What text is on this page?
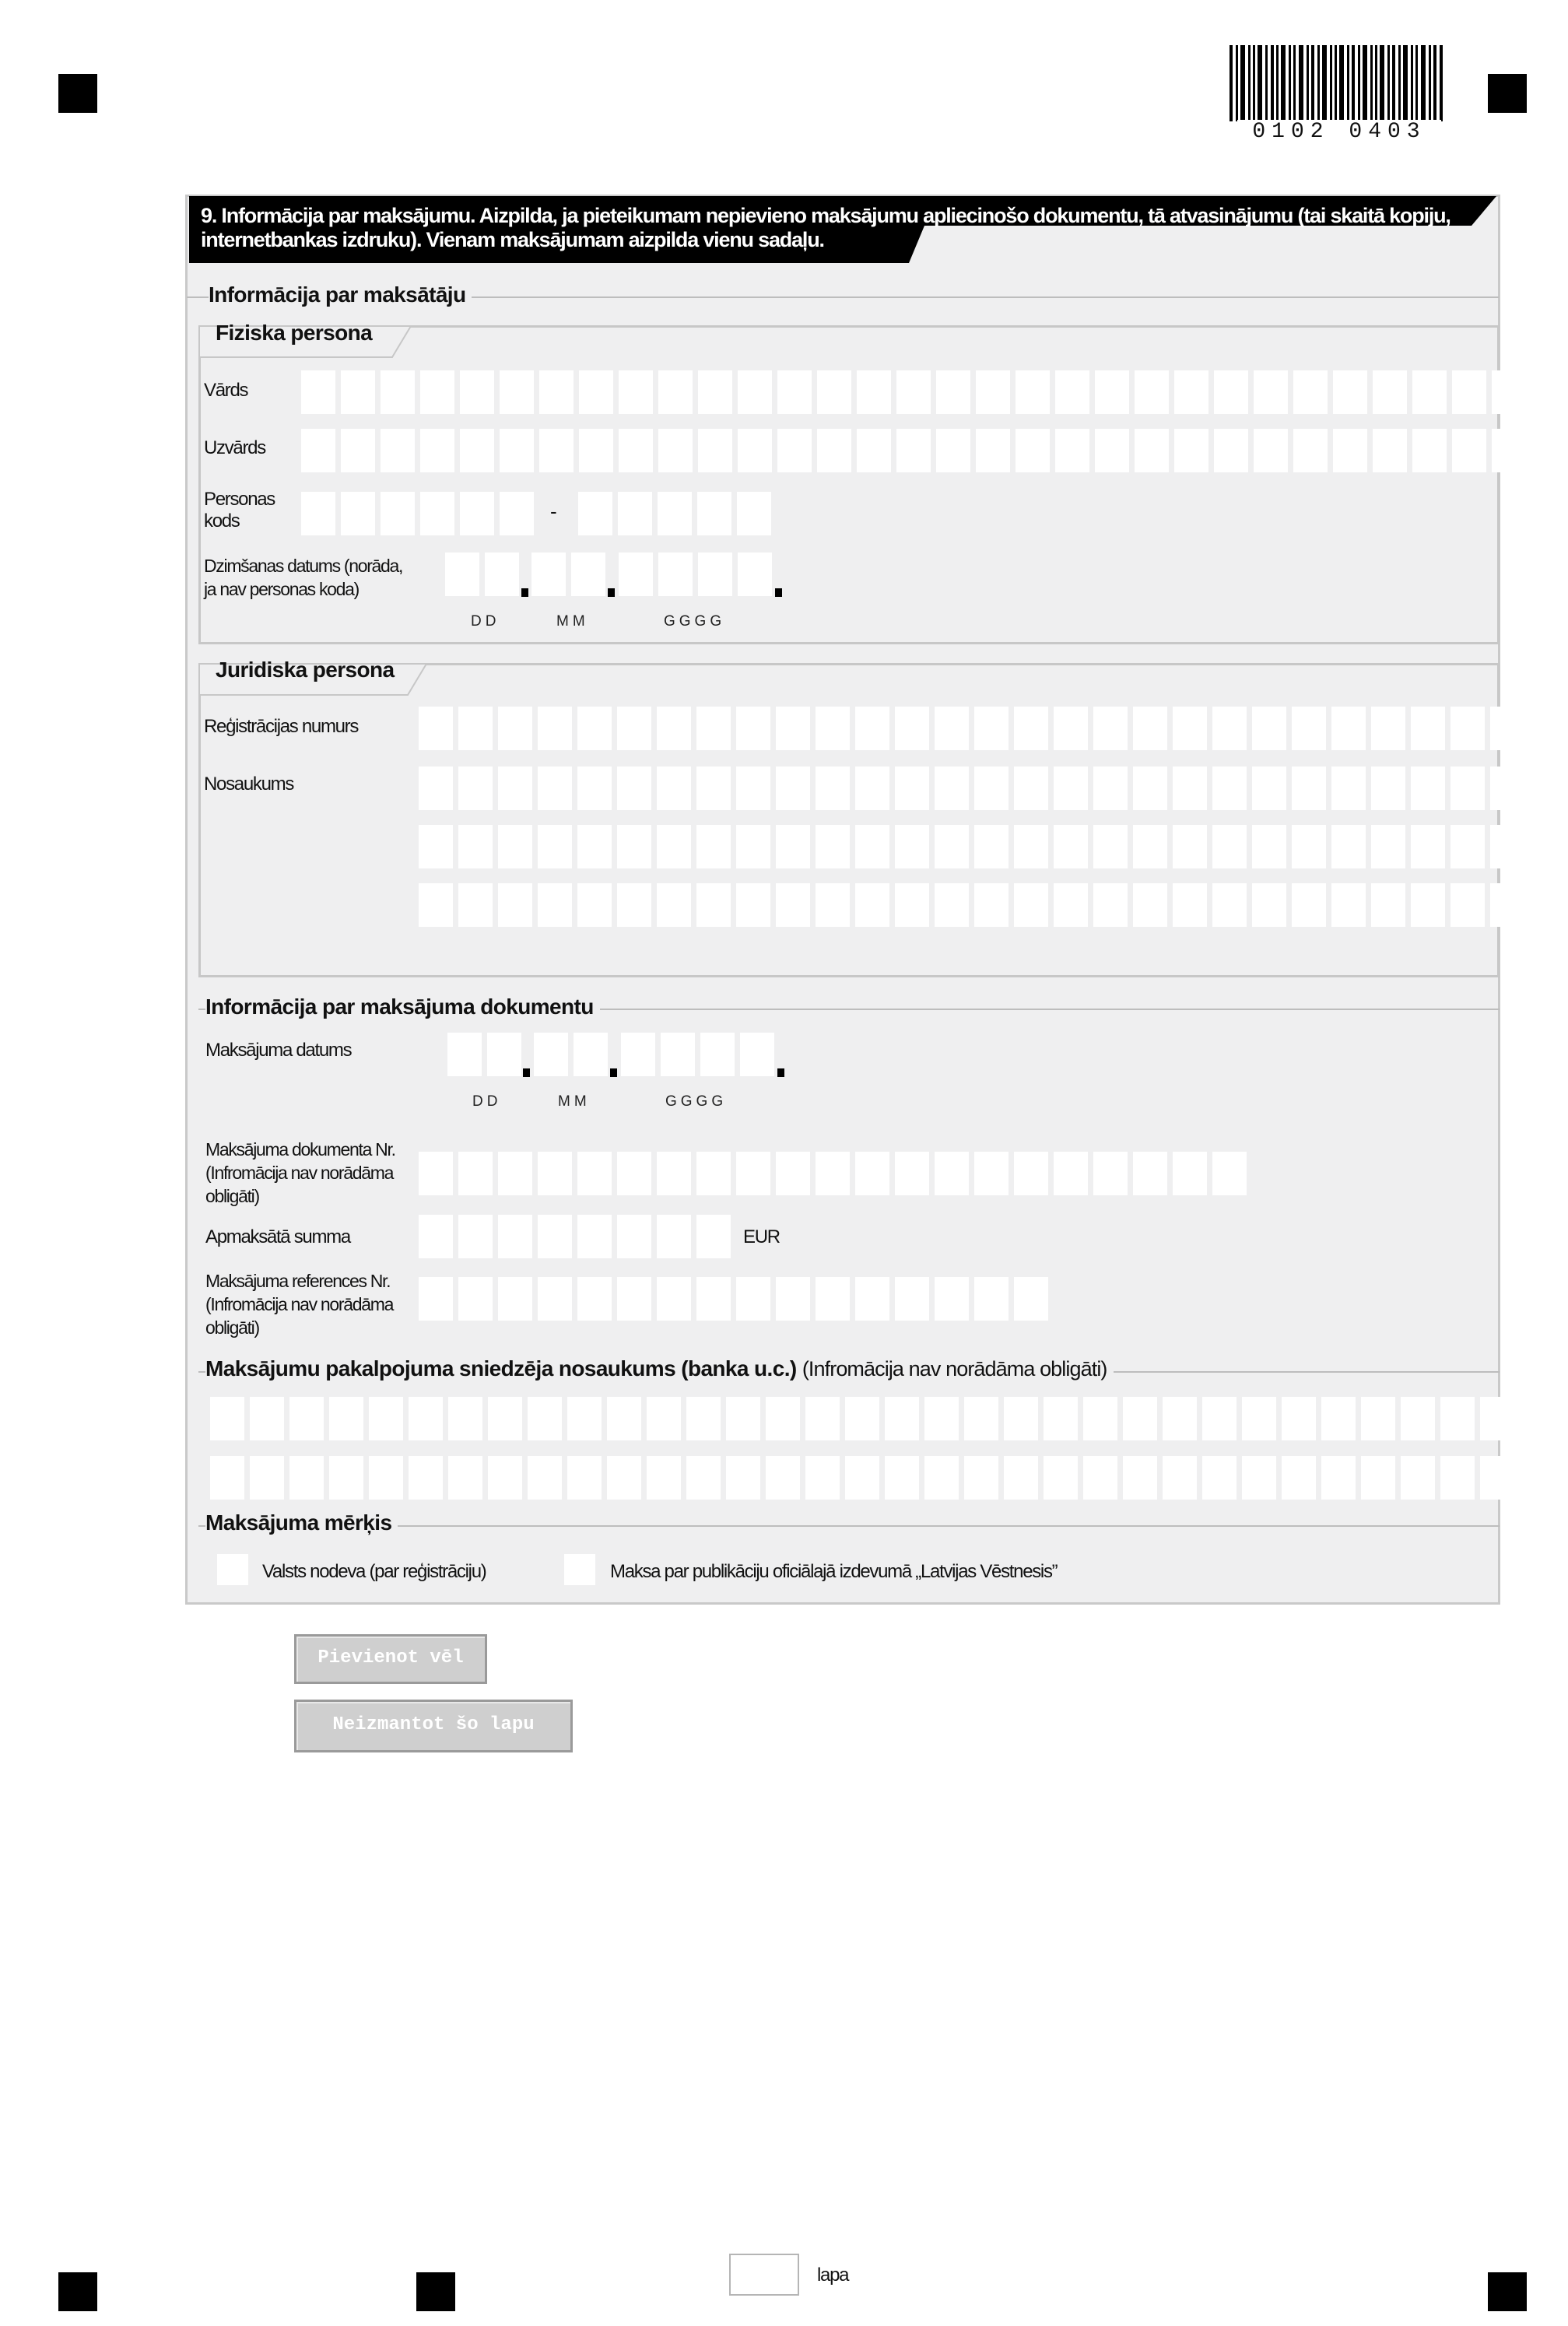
0102 0403
9. Informācija par maksājumu. Aizpilda, ja pieteikumam nepievieno maksājumu apliecinošo dokumentu, tā atvasinājumu (tai skaitā kopiju, internetbankas izdruku). Vienam maksājumam aizpilda vienu sadaļu.
Informācija par maksātāju
Fiziska persona
Vārds
Uzvārds
Personas kods	-
Dzimšanas datums (norāda, ja nav personas koda)
DD	MM	GGGG
Juridiska persona
Reģistrācijas numurs
Nosaukums
Informācija par maksājuma dokumentu
Maksājuma datums
DD	MM	GGGG
Maksājuma dokumenta Nr. (Infromācija nav norādāma obligāti)
Apmaksātā summa	EUR
Maksājuma references Nr. (Infromācija nav norādāma obligāti)
Maksājumu pakalpojuma sniedzēja nosaukums (banka u.c.) (Infromācija nav norādāma obligāti)
Maksājuma mērķis
Valsts nodeva (par reģistrāciju)	Maksa par publikāciju oficiālajā izdevumā „Latvijas Vēstnesis”
Pievienot vēl
Neizmantot šo lapu
lapa
